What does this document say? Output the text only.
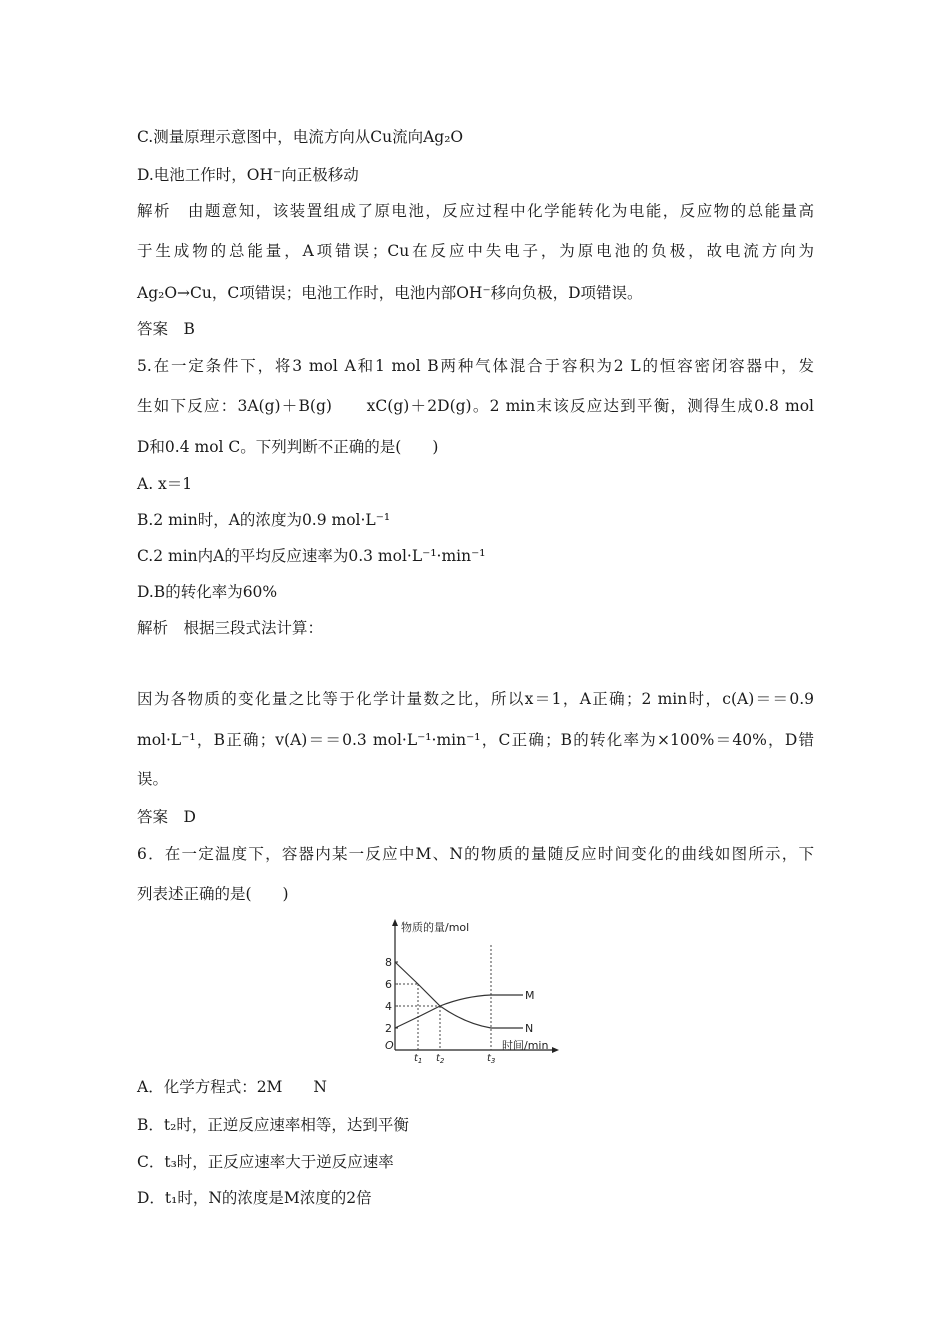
C.测量原理示意图中，电流方向从Cu流向Ag₂O
D.电池工作时，OH⁻向正极移动
解析　由题意知，该装置组成了原电池，反应过程中化学能转化为电能，反应物的总能量高
于生成物的总能量，A项错误；Cu在反应中失电子，为原电池的负极，故电流方向为
Ag₂O→Cu，C项错误；电池工作时，电池内部OH⁻移向负极，D项错误。
答案　B
5.在一定条件下，将3 mol A和1 mol B两种气体混合于容积为2 L的恒容密闭容器中，发
生如下反应：3A(g)＋B(g)　　xC(g)＋2D(g)。2 min末该反应达到平衡，测得生成0.8 mol
D和0.4 mol C。下列判断不正确的是(　　)
A. x＝1
B.2 min时，A的浓度为0.9 mol·L⁻¹
C.2 min内A的平均反应速率为0.3 mol·L⁻¹·min⁻¹
D.B的转化率为60%
解析　根据三段式法计算：
因为各物质的变化量之比等于化学计量数之比，所以x＝1，A正确；2 min时，c(A)＝＝0.9
mol·L⁻¹，B正确；v(A)＝＝0.3 mol·L⁻¹·min⁻¹，C正确；B的转化率为×100%＝40%，D错
误。
答案　D
6．在一定温度下，容器内某一反应中M、N的物质的量随反应时间变化的曲线如图所示，下
列表述正确的是(　　)
物质的量/mol
O	时间/min
2
4
6
8
$t_1$ $t_2$	$t_3$
N
M
A．化学方程式：2M　　N
B．t₂时，正逆反应速率相等，达到平衡
C．t₃时，正反应速率大于逆反应速率
D．t₁时，N的浓度是M浓度的2倍
